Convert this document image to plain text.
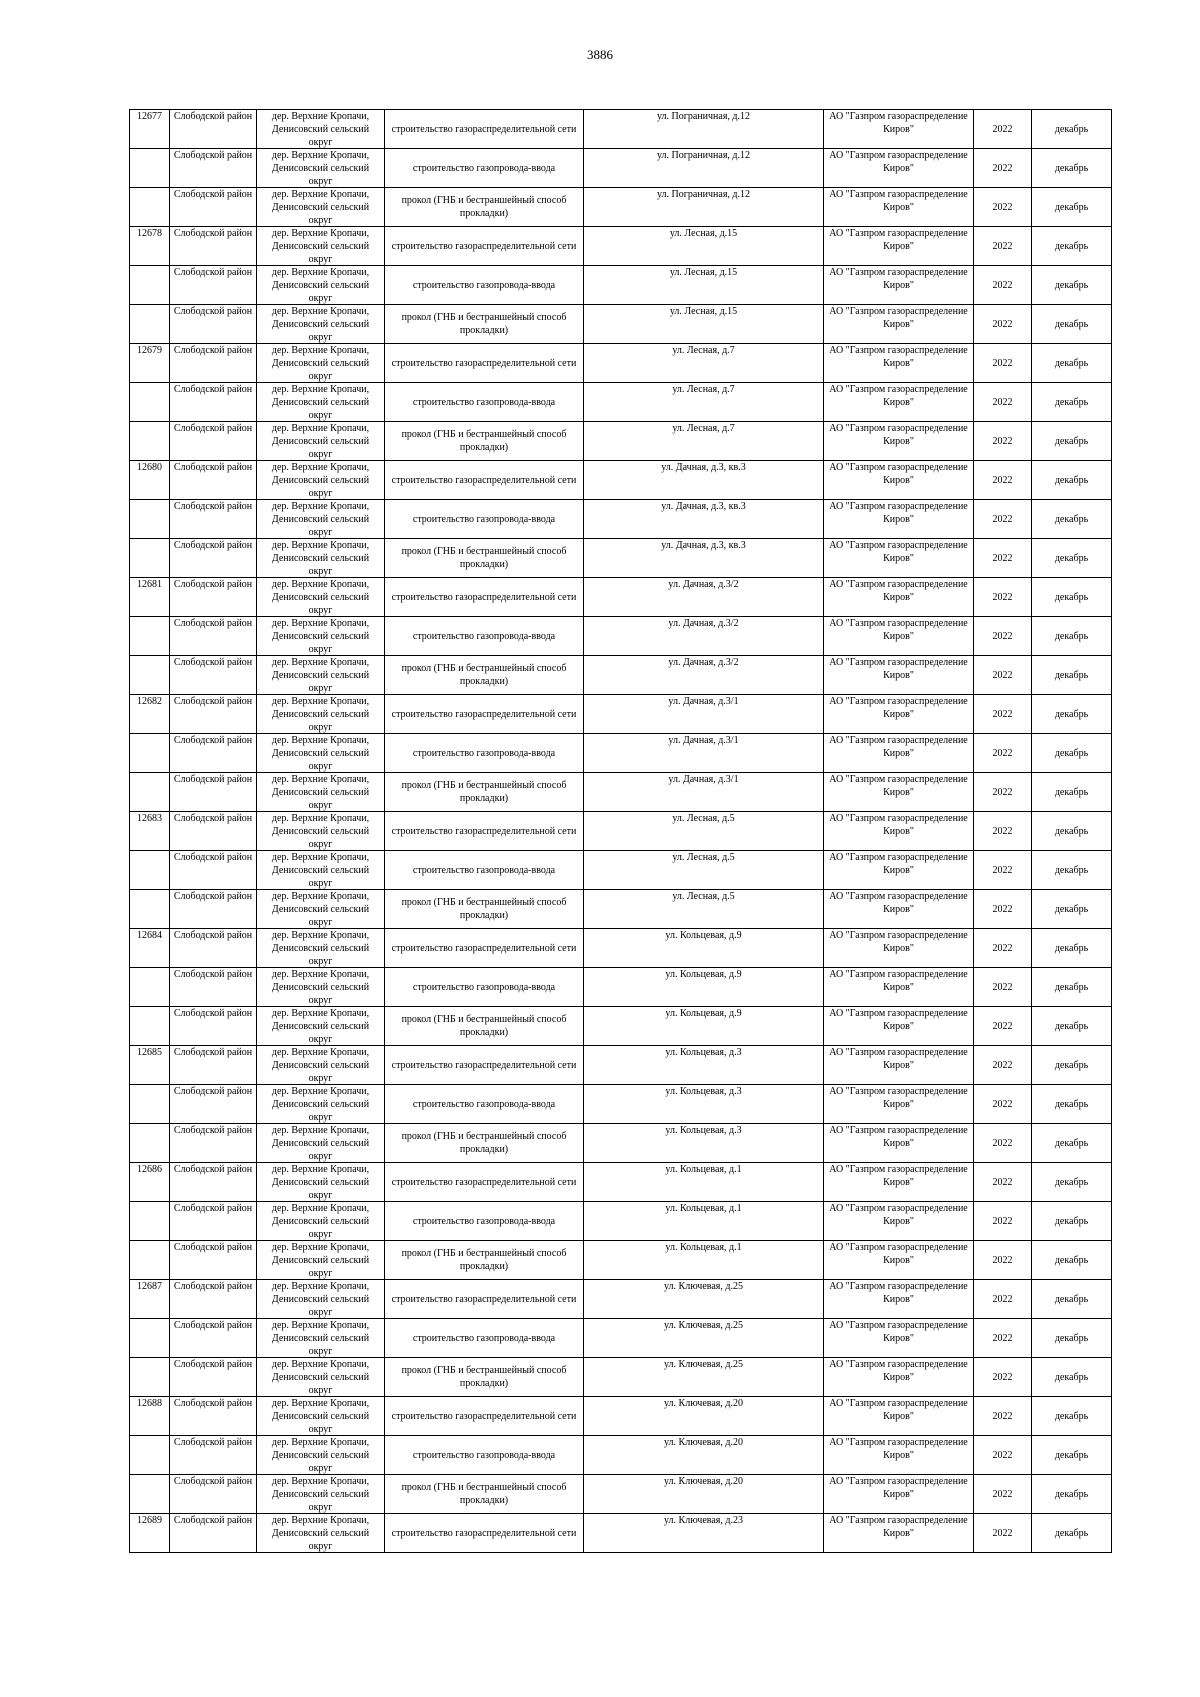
3886
12677	Слободской район	дер. Верхние Кропачи, Денисовский сельский округ	строительство газораспределительной сети	ул. Пограничная, д.12	АО "Газпром газораспределение Киров"	2022	декабрь

	Слободской район	дер. Верхние Кропачи, Денисовский сельский округ	строительство газопровода-ввода	ул. Пограничная, д.12	АО "Газпром газораспределение Киров"	2022	декабрь

	Слободской район	дер. Верхние Кропачи, Денисовский сельский округ	прокол (ГНБ и бестраншейный способ прокладки)	ул. Пограничная, д.12	АО "Газпром газораспределение Киров"	2022	декабрь

12678	Слободской район	дер. Верхние Кропачи, Денисовский сельский округ	строительство газораспределительной сети	ул. Лесная, д.15	АО "Газпром газораспределение Киров"	2022	декабрь

	Слободской район	дер. Верхние Кропачи, Денисовский сельский округ	строительство газопровода-ввода	ул. Лесная, д.15	АО "Газпром газораспределение Киров"	2022	декабрь

	Слободской район	дер. Верхние Кропачи, Денисовский сельский округ	прокол (ГНБ и бестраншейный способ прокладки)	ул. Лесная, д.15	АО "Газпром газораспределение Киров"	2022	декабрь

12679	Слободской район	дер. Верхние Кропачи, Денисовский сельский округ	строительство газораспределительной сети	ул. Лесная, д.7	АО "Газпром газораспределение Киров"	2022	декабрь

	Слободской район	дер. Верхние Кропачи, Денисовский сельский округ	строительство газопровода-ввода	ул. Лесная, д.7	АО "Газпром газораспределение Киров"	2022	декабрь

	Слободской район	дер. Верхние Кропачи, Денисовский сельский округ	прокол (ГНБ и бестраншейный способ прокладки)	ул. Лесная, д.7	АО "Газпром газораспределение Киров"	2022	декабрь

12680	Слободской район	дер. Верхние Кропачи, Денисовский сельский округ	строительство газораспределительной сети	ул. Дачная, д.3, кв.3	АО "Газпром газораспределение Киров"	2022	декабрь

	Слободской район	дер. Верхние Кропачи, Денисовский сельский округ	строительство газопровода-ввода	ул. Дачная, д.3, кв.3	АО "Газпром газораспределение Киров"	2022	декабрь

	Слободской район	дер. Верхние Кропачи, Денисовский сельский округ	прокол (ГНБ и бестраншейный способ прокладки)	ул. Дачная, д.3, кв.3	АО "Газпром газораспределение Киров"	2022	декабрь

12681	Слободской район	дер. Верхние Кропачи, Денисовский сельский округ	строительство газораспределительной сети	ул. Дачная, д.3/2	АО "Газпром газораспределение Киров"	2022	декабрь

	Слободской район	дер. Верхние Кропачи, Денисовский сельский округ	строительство газопровода-ввода	ул. Дачная, д.3/2	АО "Газпром газораспределение Киров"	2022	декабрь

	Слободской район	дер. Верхние Кропачи, Денисовский сельский округ	прокол (ГНБ и бестраншейный способ прокладки)	ул. Дачная, д.3/2	АО "Газпром газораспределение Киров"	2022	декабрь

12682	Слободской район	дер. Верхние Кропачи, Денисовский сельский округ	строительство газораспределительной сети	ул. Дачная, д.3/1	АО "Газпром газораспределение Киров"	2022	декабрь

	Слободской район	дер. Верхние Кропачи, Денисовский сельский округ	строительство газопровода-ввода	ул. Дачная, д.3/1	АО "Газпром газораспределение Киров"	2022	декабрь

	Слободской район	дер. Верхние Кропачи, Денисовский сельский округ	прокол (ГНБ и бестраншейный способ прокладки)	ул. Дачная, д.3/1	АО "Газпром газораспределение Киров"	2022	декабрь

12683	Слободской район	дер. Верхние Кропачи, Денисовский сельский округ	строительство газораспределительной сети	ул. Лесная, д.5	АО "Газпром газораспределение Киров"	2022	декабрь

	Слободской район	дер. Верхние Кропачи, Денисовский сельский округ	строительство газопровода-ввода	ул. Лесная, д.5	АО "Газпром газораспределение Киров"	2022	декабрь

	Слободской район	дер. Верхние Кропачи, Денисовский сельский округ	прокол (ГНБ и бестраншейный способ прокладки)	ул. Лесная, д.5	АО "Газпром газораспределение Киров"	2022	декабрь

12684	Слободской район	дер. Верхние Кропачи, Денисовский сельский округ	строительство газораспределительной сети	ул. Кольцевая, д.9	АО "Газпром газораспределение Киров"	2022	декабрь

	Слободской район	дер. Верхние Кропачи, Денисовский сельский округ	строительство газопровода-ввода	ул. Кольцевая, д.9	АО "Газпром газораспределение Киров"	2022	декабрь

	Слободской район	дер. Верхние Кропачи, Денисовский сельский округ	прокол (ГНБ и бестраншейный способ прокладки)	ул. Кольцевая, д.9	АО "Газпром газораспределение Киров"	2022	декабрь

12685	Слободской район	дер. Верхние Кропачи, Денисовский сельский округ	строительство газораспределительной сети	ул. Кольцевая, д.3	АО "Газпром газораспределение Киров"	2022	декабрь

	Слободской район	дер. Верхние Кропачи, Денисовский сельский округ	строительство газопровода-ввода	ул. Кольцевая, д.3	АО "Газпром газораспределение Киров"	2022	декабрь

	Слободской район	дер. Верхние Кропачи, Денисовский сельский округ	прокол (ГНБ и бестраншейный способ прокладки)	ул. Кольцевая, д.3	АО "Газпром газораспределение Киров"	2022	декабрь

12686	Слободской район	дер. Верхние Кропачи, Денисовский сельский округ	строительство газораспределительной сети	ул. Кольцевая, д.1	АО "Газпром газораспределение Киров"	2022	декабрь

	Слободской район	дер. Верхние Кропачи, Денисовский сельский округ	строительство газопровода-ввода	ул. Кольцевая, д.1	АО "Газпром газораспределение Киров"	2022	декабрь

	Слободской район	дер. Верхние Кропачи, Денисовский сельский округ	прокол (ГНБ и бестраншейный способ прокладки)	ул. Кольцевая, д.1	АО "Газпром газораспределение Киров"	2022	декабрь

12687	Слободской район	дер. Верхние Кропачи, Денисовский сельский округ	строительство газораспределительной сети	ул. Ключевая, д.25	АО "Газпром газораспределение Киров"	2022	декабрь

	Слободской район	дер. Верхние Кропачи, Денисовский сельский округ	строительство газопровода-ввода	ул. Ключевая, д.25	АО "Газпром газораспределение Киров"	2022	декабрь

	Слободской район	дер. Верхние Кропачи, Денисовский сельский округ	прокол (ГНБ и бестраншейный способ прокладки)	ул. Ключевая, д.25	АО "Газпром газораспределение Киров"	2022	декабрь

12688	Слободской район	дер. Верхние Кропачи, Денисовский сельский округ	строительство газораспределительной сети	ул. Ключевая, д.20	АО "Газпром газораспределение Киров"	2022	декабрь

	Слободской район	дер. Верхние Кропачи, Денисовский сельский округ	строительство газопровода-ввода	ул. Ключевая, д.20	АО "Газпром газораспределение Киров"	2022	декабрь

	Слободской район	дер. Верхние Кропачи, Денисовский сельский округ	прокол (ГНБ и бестраншейный способ прокладки)	ул. Ключевая, д.20	АО "Газпром газораспределение Киров"	2022	декабрь

12689	Слободской район	дер. Верхние Кропачи, Денисовский сельский округ	строительство газораспределительной сети	ул. Ключевая, д.23	АО "Газпром газораспределение Киров"	2022	декабрь
